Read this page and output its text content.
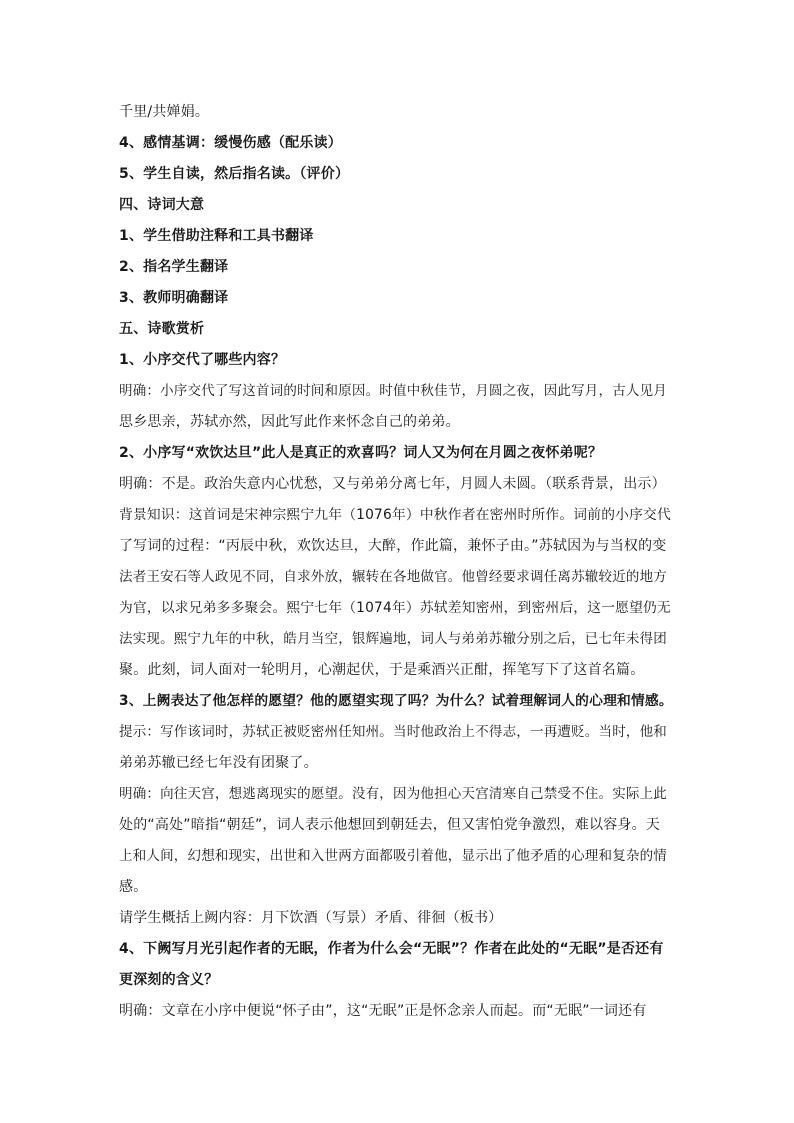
千里/共婵娟。
4、感情基调：缓慢伤感（配乐读）
5、学生自读，然后指名读。（评价）
四、诗词大意
1、学生借助注释和工具书翻译
2、指名学生翻译
3、教师明确翻译
五、诗歌赏析
1、小序交代了哪些内容？
明确：小序交代了写这首词的时间和原因。时值中秋佳节，月圆之夜，因此写月，古人见月
思乡思亲，苏轼亦然，因此写此作来怀念自己的弟弟。
2、小序写“欢饮达旦”此人是真正的欢喜吗？词人又为何在月圆之夜怀弟呢？
明确：不是。政治失意内心忧愁，又与弟弟分离七年，月圆人未圆。（联系背景，出示）
背景知识：这首词是宋神宗熙宁九年（1076年）中秋作者在密州时所作。词前的小序交代
了写词的过程：“丙辰中秋，欢饮达旦，大醉，作此篇，兼怀子由。”苏轼因为与当权的变
法者王安石等人政见不同，自求外放，辗转在各地做官。他曾经要求调任离苏辙较近的地方
为官，以求兄弟多多聚会。熙宁七年（1074年）苏轼差知密州，到密州后，这一愿望仍无
法实现。熙宁九年的中秋，皓月当空，银辉遍地，词人与弟弟苏辙分别之后，已七年未得团
聚。此刻，词人面对一轮明月，心潮起伏，于是乘酒兴正酣，挥笔写下了这首名篇。
3、上阙表达了他怎样的愿望？他的愿望实现了吗？为什么？试着理解词人的心理和情感。
提示：写作该词时，苏轼正被贬密州任知州。当时他政治上不得志，一再遭贬。当时，他和
弟弟苏辙已经七年没有团聚了。
明确：向往天宫，想逃离现实的愿望。没有，因为他担心天宫清寒自己禁受不住。实际上此
处的“高处”暗指“朝廷”，词人表示他想回到朝廷去，但又害怕党争激烈，难以容身。天
上和人间，幻想和现实，出世和入世两方面都吸引着他，显示出了他矛盾的心理和复杂的情
感。
请学生概括上阙内容：月下饮酒（写景）矛盾、徘徊（板书）
4、下阙写月光引起作者的无眠，作者为什么会“无眠”？作者在此处的“无眠”是否还有
更深刻的含义？
明确：文章在小序中便说“怀子由”，这“无眠”正是怀念亲人而起。而“无眠”一词还有
